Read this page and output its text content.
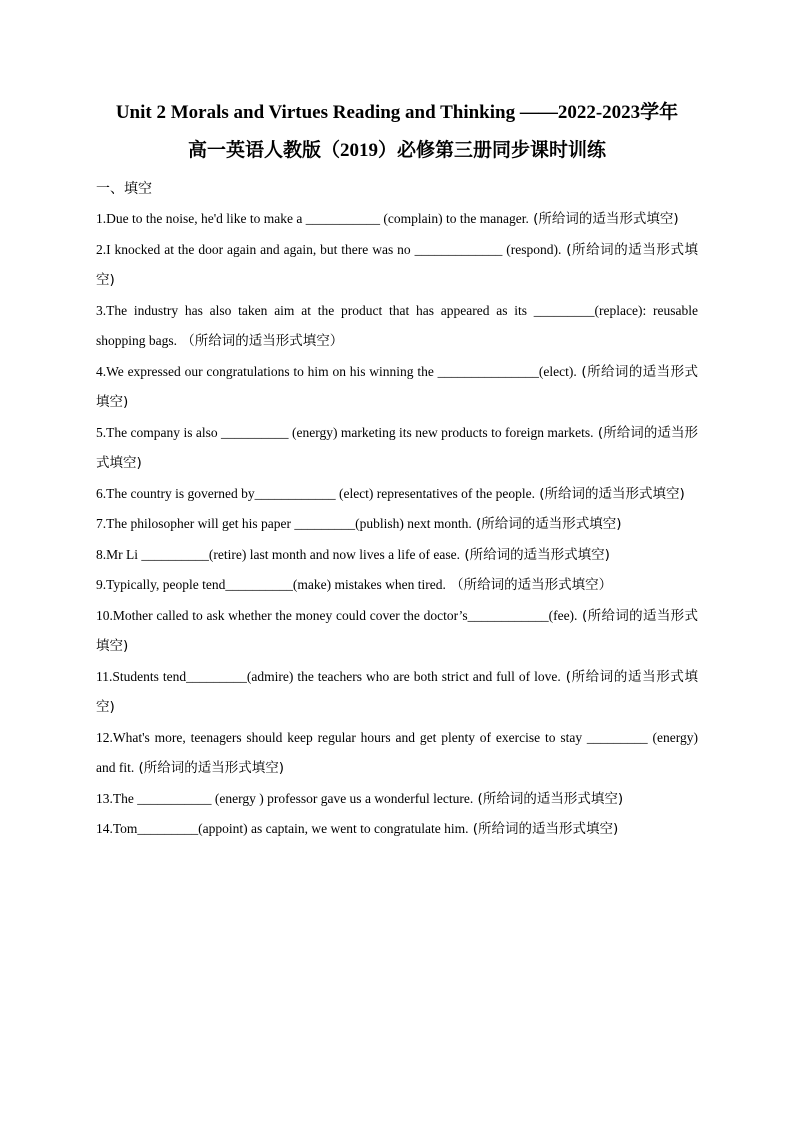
Unit 2 Morals and Virtues Reading and Thinking ——2022-2023学年

高一英语人教版（2019）必修第三册同步课时训练

一、填空

1.Due to the noise, he'd like to make a ___________ (complain) to the manager. (所给词的适当形式填空)
2.I knocked at the door again and again, but there was no _____________ (respond). (所给词的适当形式填空)
3.The industry has also taken aim at the product that has appeared as its _________(replace): reusable shopping bags. （所给词的适当形式填空）
4.We expressed our congratulations to him on his winning the _______________(elect). (所给词的适当形式填空)
5.The company is also __________ (energy) marketing its new products to foreign markets. (所给词的适当形式填空)
6.The country is governed by____________ (elect) representatives of the people. (所给词的适当形式填空)
7.The philosopher will get his paper _________(publish) next month. (所给词的适当形式填空)
8.Mr Li __________(retire) last month and now lives a life of ease. (所给词的适当形式填空)
9.Typically, people tend__________(make) mistakes when tired. （所给词的适当形式填空）
10.Mother called to ask whether the money could cover the doctor’s____________(fee). (所给词的适当形式填空)
11.Students tend_________(admire) the teachers who are both strict and full of love. (所给词的适当形式填空)
12.What's more, teenagers should keep regular hours and get plenty of exercise to stay _________ (energy) and fit. (所给词的适当形式填空)
13.The ___________ (energy ) professor gave us a wonderful lecture. (所给词的适当形式填空)
14.Tom_________(appoint) as captain, we went to congratulate him. (所给词的适当形式填空)
